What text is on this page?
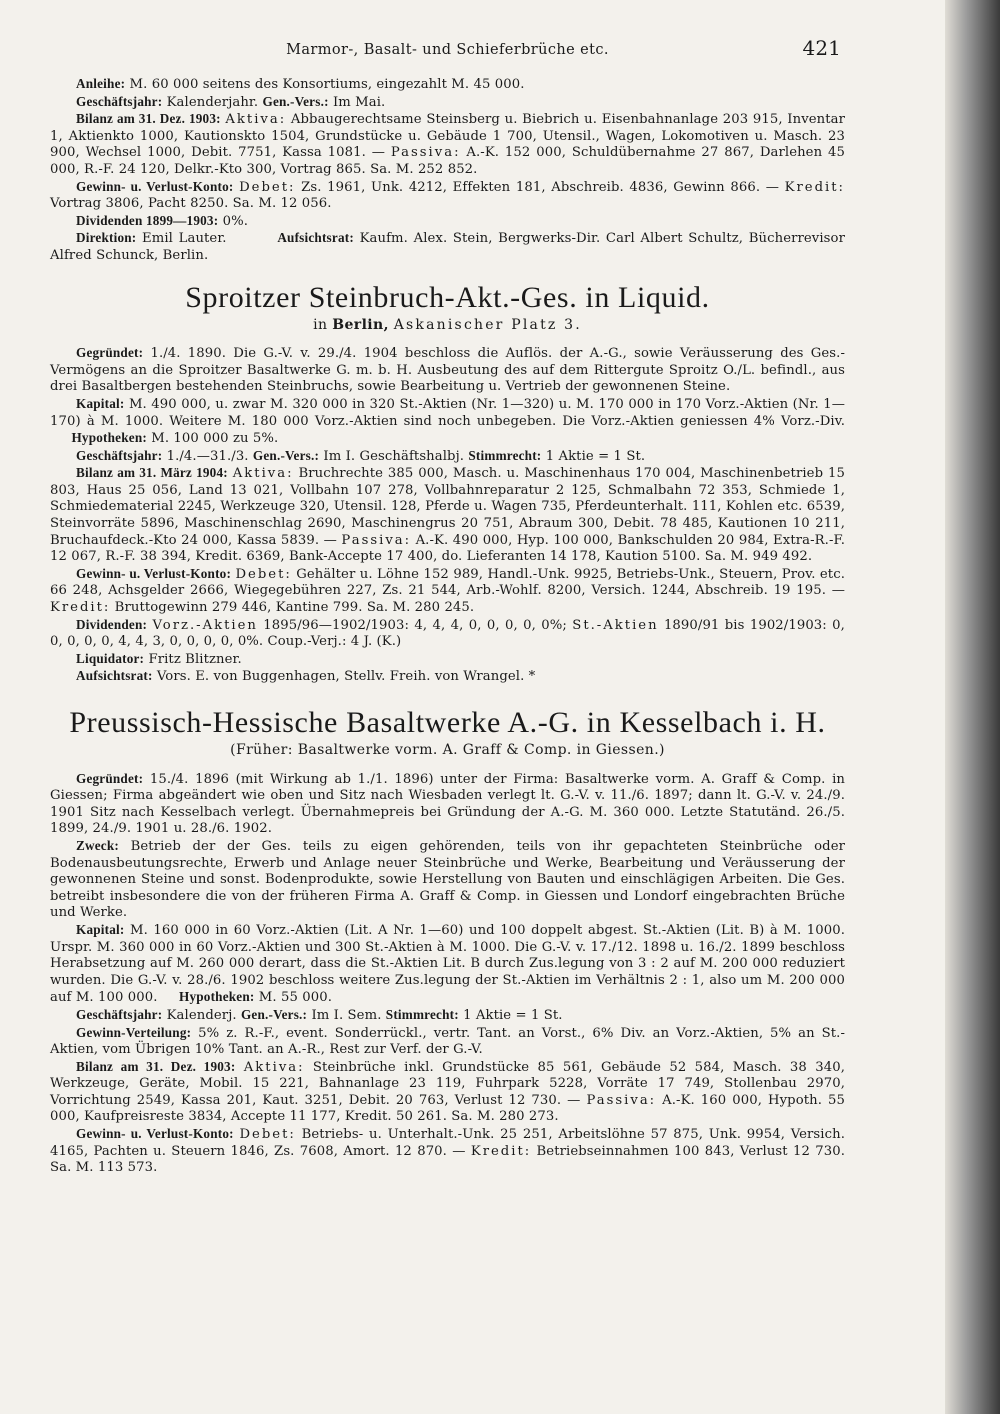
Marmor-, Basalt- und Schieferbrüche etc.	421

Anleihe: M. 60 000 seitens des Konsortiums, eingezahlt M. 45 000.

Geschäftsjahr: Kalenderjahr. Gen.-Vers.: Im Mai.

Bilanz am 31. Dez. 1903: Aktiva: Abbaugerechtsame Steinsberg u. Biebrich u. Eisenbahnanlage 203 915, Inventar 1, Aktienkto 1000, Kautionskto 1504, Grundstücke u. Gebäude 1 700, Utensil., Wagen, Lokomotiven u. Masch. 23 900, Wechsel 1000, Debit. 7751, Kassa 1081. — Passiva: A.-K. 152 000, Schuldübernahme 27 867, Darlehen 45 000, R.-F. 24 120, Delkr.-Kto 300, Vortrag 865. Sa. M. 252 852.

Gewinn- u. Verlust-Konto: Debet: Zs. 1961, Unk. 4212, Effekten 181, Abschreib. 4836, Gewinn 866. — Kredit: Vortrag 3806, Pacht 8250. Sa. M. 12 056.

Dividenden 1899—1903: 0%.

Direktion: Emil Lauter.	Aufsichtsrat: Kaufm. Alex. Stein, Bergwerks-Dir. Carl Albert Schultz, Bücherrevisor Alfred Schunck, Berlin.

Sproitzer Steinbruch-Akt.-Ges. in Liquid.
in Berlin, Askanischer Platz 3.

Gegründet: 1./4. 1890. Die G.-V. v. 29./4. 1904 beschloss die Auflös. der A.-G., sowie Veräusserung des Ges.-Vermögens an die Sproitzer Basaltwerke G. m. b. H. Ausbeutung des auf dem Rittergute Sproitz O./L. befindl., aus drei Basaltbergen bestehenden Steinbruchs, sowie Bearbeitung u. Vertrieb der gewonnenen Steine.

Kapital: M. 490 000, u. zwar M. 320 000 in 320 St.-Aktien (Nr. 1—320) u. M. 170 000 in 170 Vorz.-Aktien (Nr. 1—170) à M. 1000. Weitere M. 180 000 Vorz.-Aktien sind noch unbegeben. Die Vorz.-Aktien geniessen 4% Vorz.-Div.      Hypotheken: M. 100 000 zu 5%.

Geschäftsjahr: 1./4.—31./3. Gen.-Vers.: Im I. Geschäftshalbj. Stimmrecht: 1 Aktie = 1 St.

Bilanz am 31. März 1904: Aktiva: Bruchrechte 385 000, Masch. u. Maschinenhaus 170 004, Maschinenbetrieb 15 803, Haus 25 056, Land 13 021, Vollbahn 107 278, Vollbahnreparatur 2 125, Schmalbahn 72 353, Schmiede 1, Schmiedematerial 2245, Werkzeuge 320, Utensil. 128, Pferde u. Wagen 735, Pferdeunterhalt. 111, Kohlen etc. 6539, Steinvorräte 5896, Maschinenschlag 2690, Maschinengrus 20 751, Abraum 300, Debit. 78 485, Kautionen 10 211, Bruchaufdeck.-Kto 24 000, Kassa 5839. — Passiva: A.-K. 490 000, Hyp. 100 000, Bankschulden 20 984, Extra-R.-F. 12 067, R.-F. 38 394, Kredit. 6369, Bank-Accepte 17 400, do. Lieferanten 14 178, Kaution 5100. Sa. M. 949 492.

Gewinn- u. Verlust-Konto: Debet: Gehälter u. Löhne 152 989, Handl.-Unk. 9925, Betriebs-Unk., Steuern, Prov. etc. 66 248, Achsgelder 2666, Wiegegebühren 227, Zs. 21 544, Arb.-Wohlf. 8200, Versich. 1244, Abschreib. 19 195. — Kredit: Bruttogewinn 279 446, Kantine 799. Sa. M. 280 245.

Dividenden: Vorz.-Aktien 1895/96—1902/1903: 4, 4, 4, 0, 0, 0, 0, 0%; St.-Aktien 1890/91 bis 1902/1903: 0, 0, 0, 0, 0, 4, 4, 3, 0, 0, 0, 0, 0%. Coup.-Verj.: 4 J. (K.)

Liquidator: Fritz Blitzner.

Aufsichtsrat: Vors. E. von Buggenhagen, Stellv. Freih. von Wrangel. *

Preussisch-Hessische Basaltwerke A.-G. in Kesselbach i. H.
(Früher: Basaltwerke vorm. A. Graff & Comp. in Giessen.)

Gegründet: 15./4. 1896 (mit Wirkung ab 1./1. 1896) unter der Firma: Basaltwerke vorm. A. Graff & Comp. in Giessen; Firma abgeändert wie oben und Sitz nach Wiesbaden verlegt lt. G.-V. v. 11./6. 1897; dann lt. G.-V. v. 24./9. 1901 Sitz nach Kesselbach verlegt. Übernahmepreis bei Gründung der A.-G. M. 360 000. Letzte Statutänd. 26./5. 1899, 24./9. 1901 u. 28./6. 1902.

Zweck: Betrieb der der Ges. teils zu eigen gehörenden, teils von ihr gepachteten Steinbrüche oder Bodenausbeutungsrechte, Erwerb und Anlage neuer Steinbrüche und Werke, Bearbeitung und Veräusserung der gewonnenen Steine und sonst. Bodenprodukte, sowie Herstellung von Bauten und einschlägigen Arbeiten. Die Ges. betreibt insbesondere die von der früheren Firma A. Graff & Comp. in Giessen und Londorf eingebrachten Brüche und Werke.

Kapital: M. 160 000 in 60 Vorz.-Aktien (Lit. A Nr. 1—60) und 100 doppelt abgest. St.-Aktien (Lit. B) à M. 1000. Urspr. M. 360 000 in 60 Vorz.-Aktien und 300 St.-Aktien à M. 1000. Die G.-V. v. 17./12. 1898 u. 16./2. 1899 beschloss Herabsetzung auf M. 260 000 derart, dass die St.-Aktien Lit. B durch Zus.legung von 3 : 2 auf M. 200 000 reduziert wurden. Die G.-V. v. 28./6. 1902 beschloss weitere Zus.legung der St.-Aktien im Verhältnis 2 : 1, also um M. 200 000 auf M. 100 000. Hypotheken: M. 55 000.

Geschäftsjahr: Kalenderj. Gen.-Vers.: Im I. Sem. Stimmrecht: 1 Aktie = 1 St.

Gewinn-Verteilung: 5% z. R.-F., event. Sonderrückl., vertr. Tant. an Vorst., 6% Div. an Vorz.-Aktien, 5% an St.-Aktien, vom Übrigen 10% Tant. an A.-R., Rest zur Verf. der G.-V.

Bilanz am 31. Dez. 1903: Aktiva: Steinbrüche inkl. Grundstücke 85 561, Gebäude 52 584, Masch. 38 340, Werkzeuge, Geräte, Mobil. 15 221, Bahnanlage 23 119, Fuhrpark 5228, Vorräte 17 749, Stollenbau 2970, Vorrichtung 2549, Kassa 201, Kaut. 3251, Debit. 20 763, Verlust 12 730. — Passiva: A.-K. 160 000, Hypoth. 55 000, Kaufpreisreste 3834, Accepte 11 177, Kredit. 50 261. Sa. M. 280 273.

Gewinn- u. Verlust-Konto: Debet: Betriebs- u. Unterhalt.-Unk. 25 251, Arbeitslöhne 57 875, Unk. 9954, Versich. 4165, Pachten u. Steuern 1846, Zs. 7608, Amort. 12 870. — Kredit: Betriebseinnahmen 100 843, Verlust 12 730. Sa. M. 113 573.
